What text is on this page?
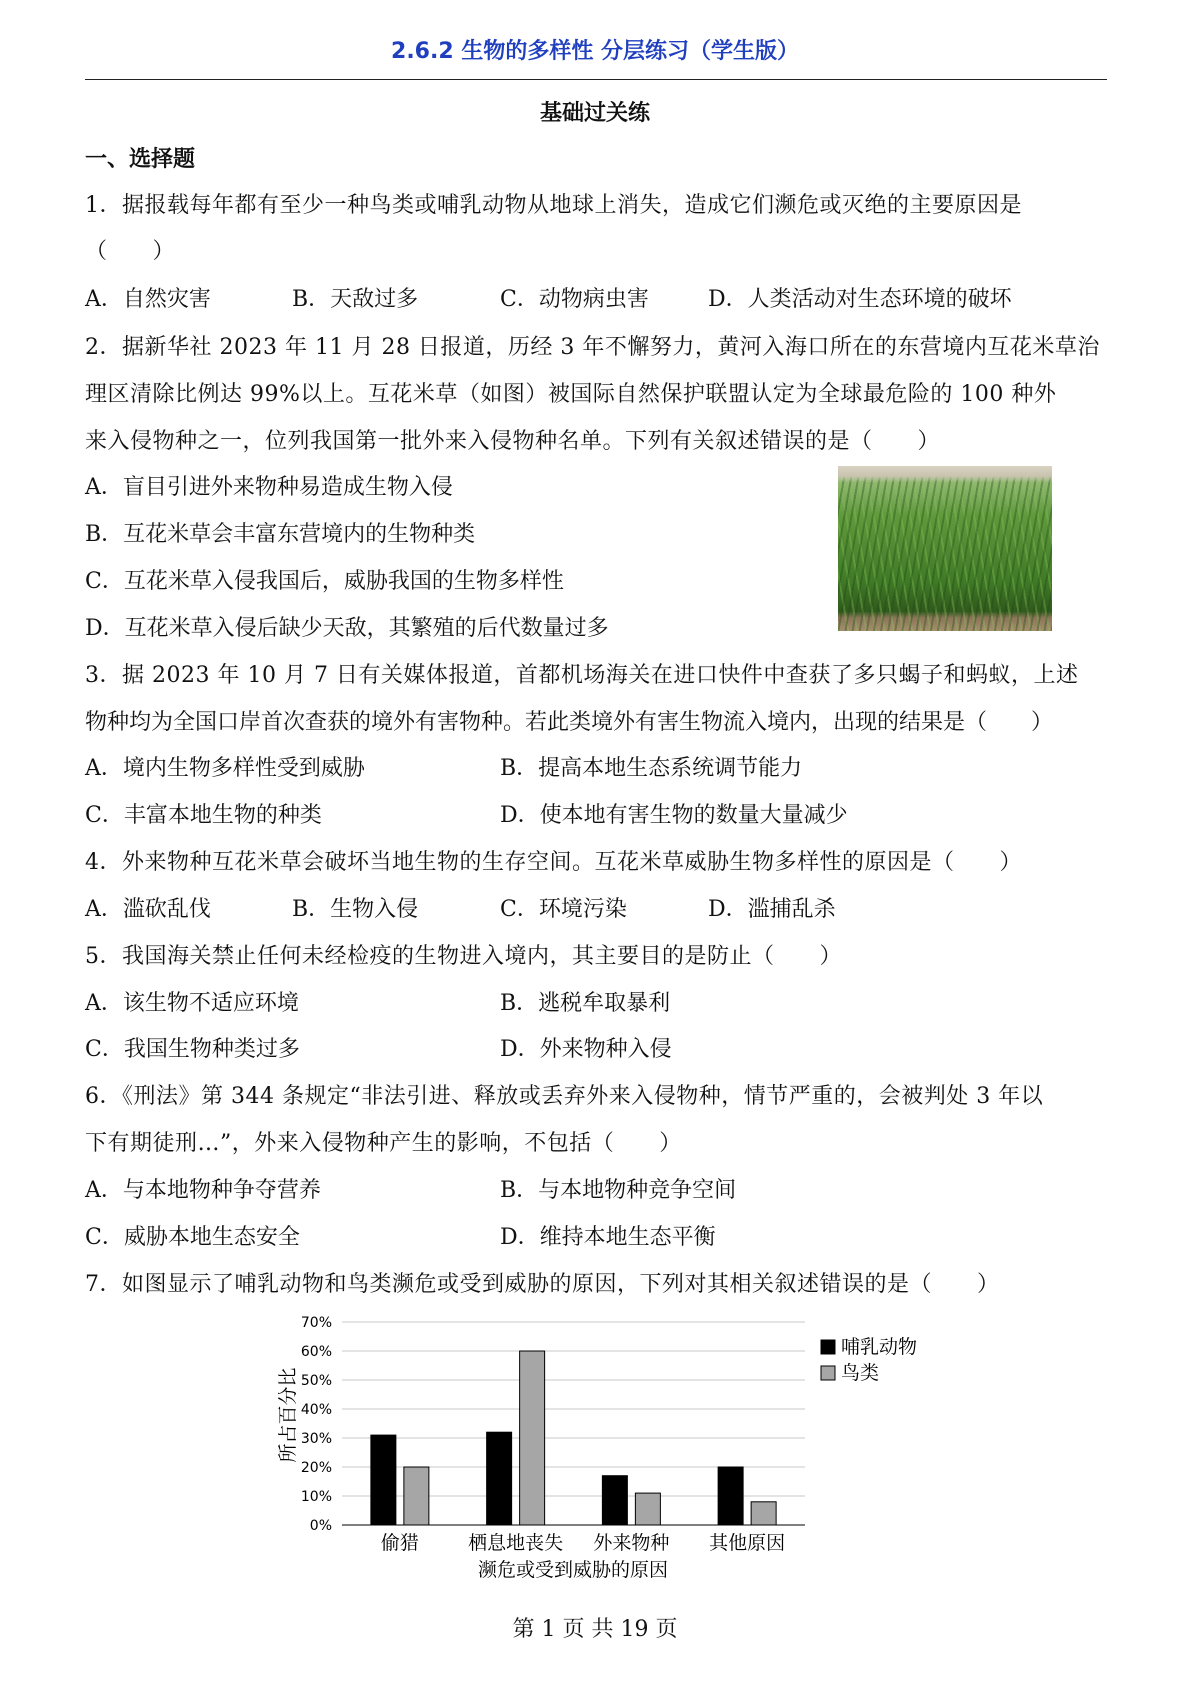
2.6.2 生物的多样性 分层练习（学生版）
基础过关练
一、选择题
1．据报载每年都有至少一种鸟类或哺乳动物从地球上消失，造成它们濒危或灭绝的主要原因是
（　　）
A．自然灾害	B．天敌过多	C．动物病虫害	D．人类活动对生态环境的破坏
2．据新华社 2023 年 11 月 28 日报道，历经 3 年不懈努力，黄河入海口所在的东营境内互花米草治
理区清除比例达 99%以上。互花米草（如图）被国际自然保护联盟认定为全球最危险的 100 种外
来入侵物种之一，位列我国第一批外来入侵物种名单。下列有关叙述错误的是（　　）
A．盲目引进外来物种易造成生物入侵
B．互花米草会丰富东营境内的生物种类
C．互花米草入侵我国后，威胁我国的生物多样性
D．互花米草入侵后缺少天敌，其繁殖的后代数量过多
3．据 2023 年 10 月 7 日有关媒体报道，首都机场海关在进口快件中查获了多只蝎子和蚂蚁，上述
物种均为全国口岸首次查获的境外有害物种。若此类境外有害生物流入境内，出现的结果是（　　）
A．境内生物多样性受到威胁	B．提高本地生态系统调节能力
C．丰富本地生物的种类	D．使本地有害生物的数量大量减少
4．外来物种互花米草会破坏当地生物的生存空间。互花米草威胁生物多样性的原因是（　　）
A．滥砍乱伐	B．生物入侵	C．环境污染	D．滥捕乱杀
5．我国海关禁止任何未经检疫的生物进入境内，其主要目的是防止（　　）
A．该生物不适应环境	B．逃税牟取暴利
C．我国生物种类过多	D．外来物种入侵
6．《刑法》第 344 条规定“非法引进、释放或丢弃外来入侵物种，情节严重的，会被判处 3 年以
下有期徒刑…”，外来入侵物种产生的影响，不包括（　　）
A．与本地物种争夺营养	B．与本地物种竞争空间
C．威胁本地生态安全	D．维持本地生态平衡
7．如图显示了哺乳动物和鸟类濒危或受到威胁的原因，下列对其相关叙述错误的是（　　）
0%
10%
20%
30%
40%
50%
60%
70%
偷猎	栖息地丧失 外来物种 其他原因
所占百分比
濒危或受到威胁的原因
哺乳动物
鸟类
第 1 页 共 19 页
